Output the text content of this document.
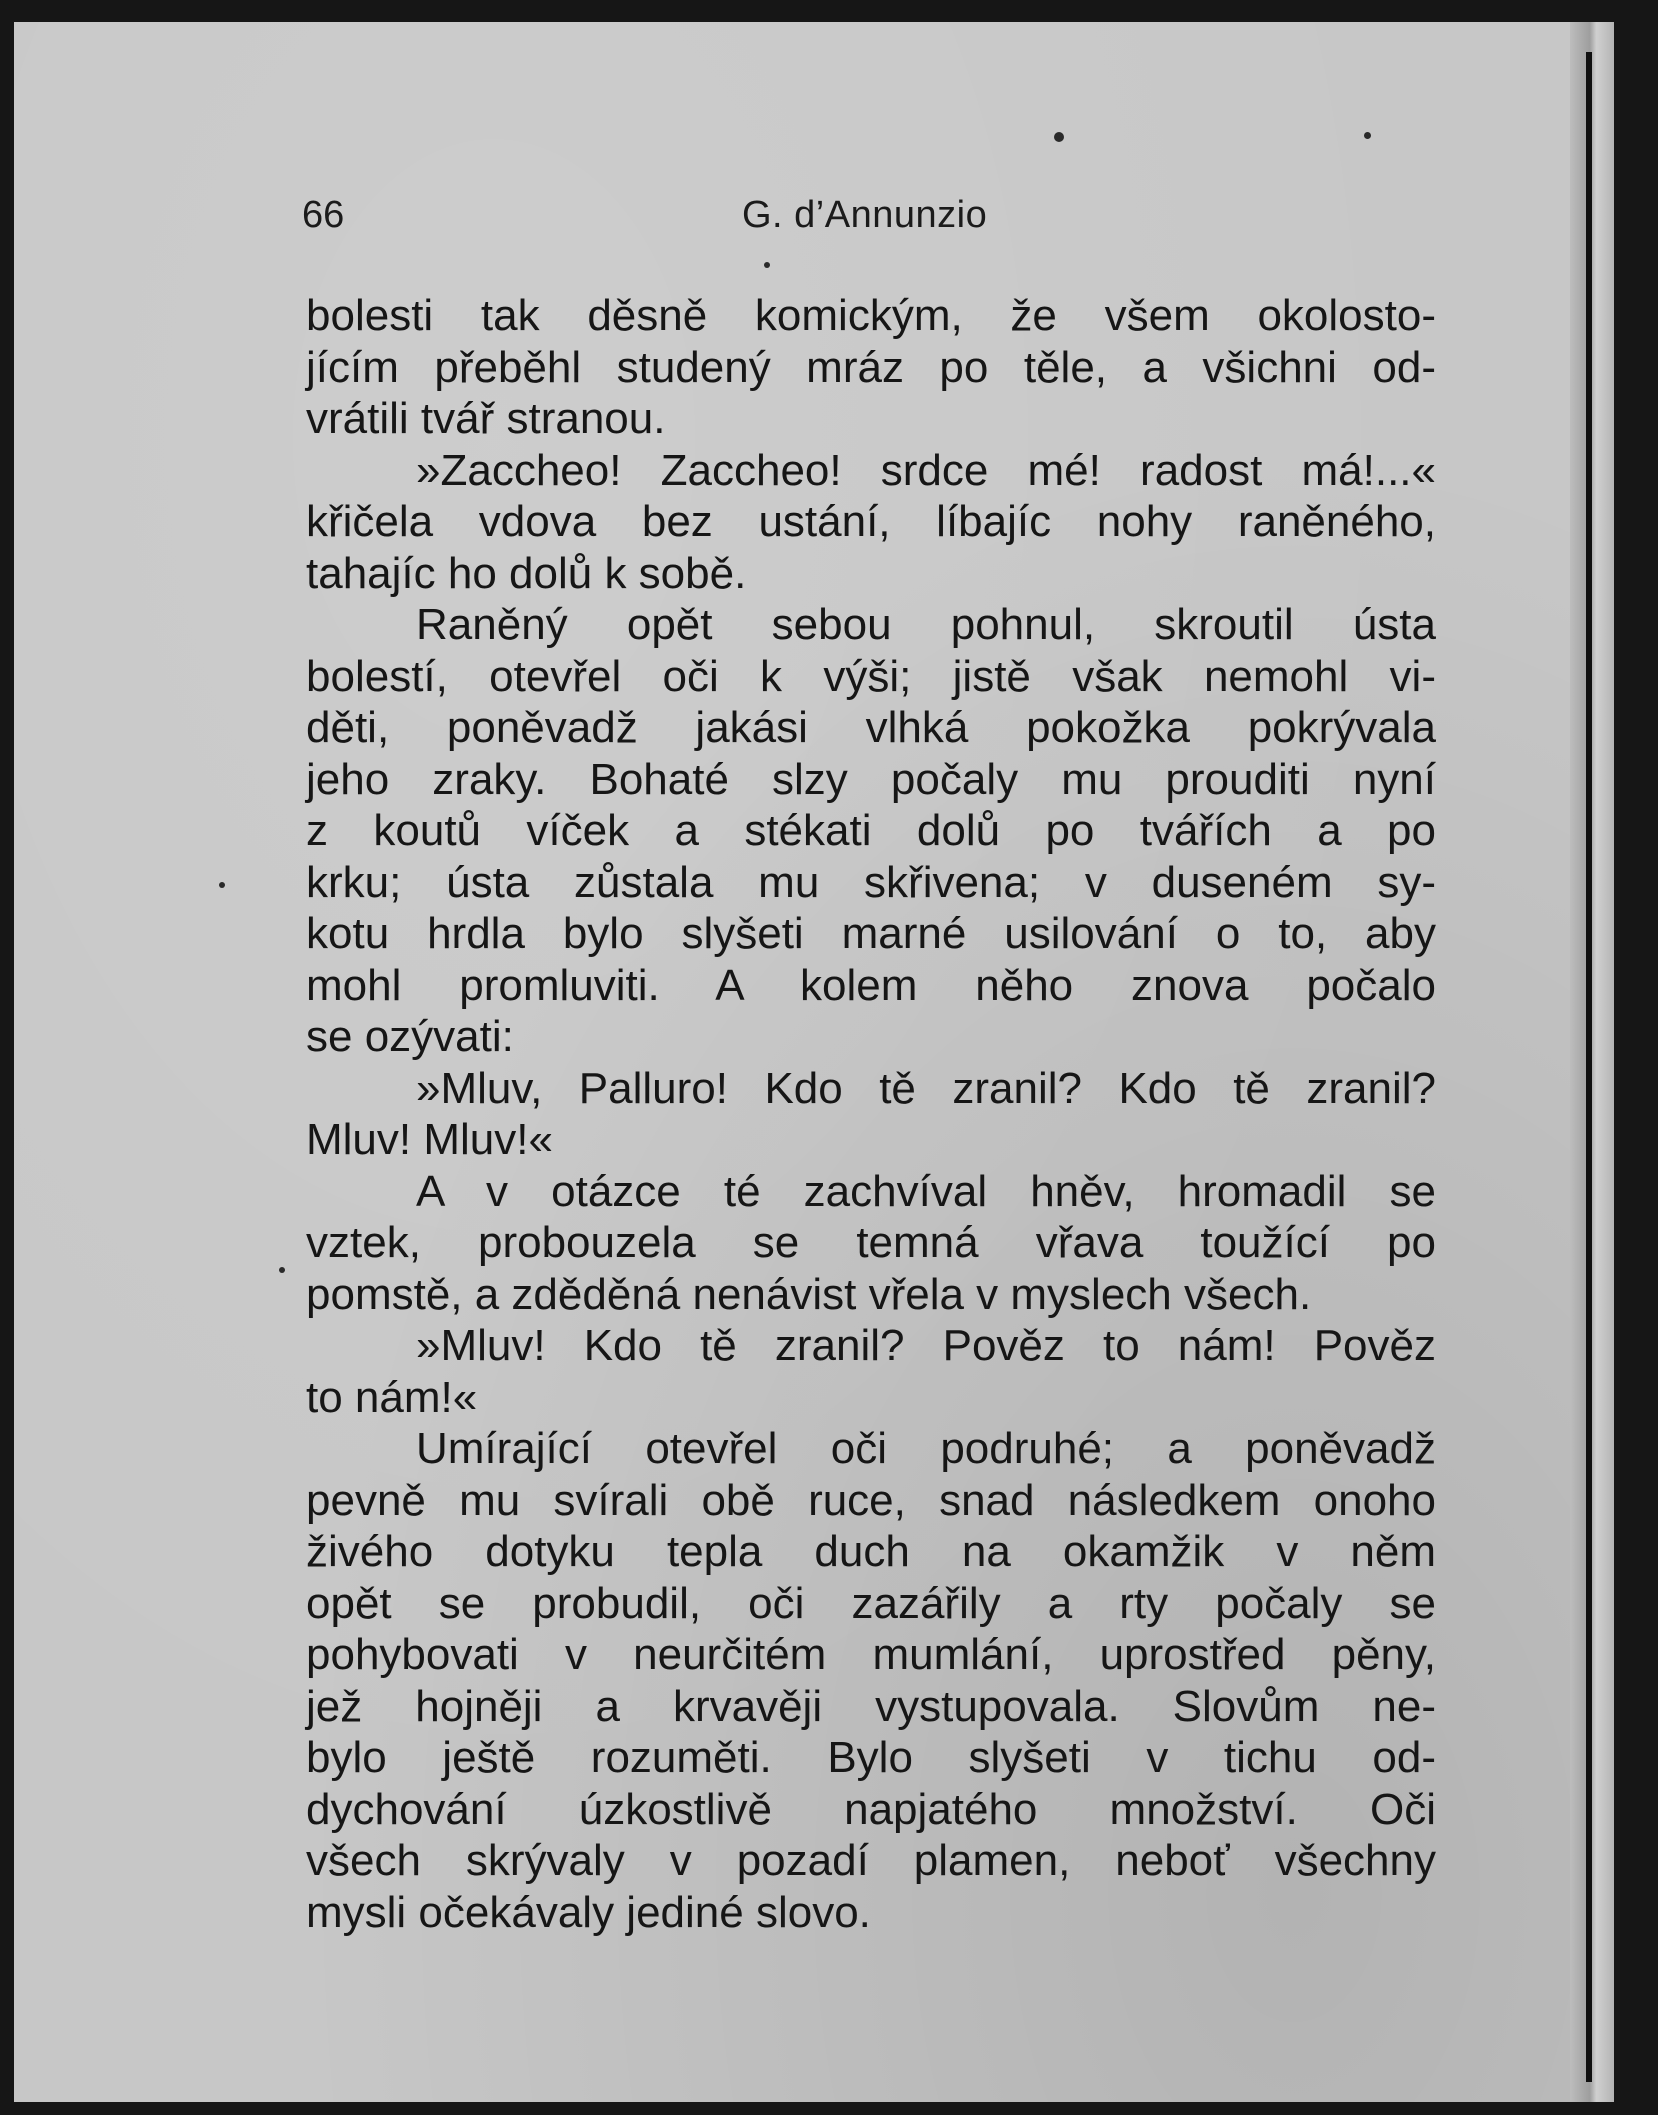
66	G. d’Annunzio
bolesti tak děsně komickým, že všem okolosto-
jícím přeběhl studený mráz po těle, a všichni od-
vrátili tvář stranou.
»Zaccheo! Zaccheo! srdce mé! radost má!...«
křičela vdova bez ustání, líbajíc nohy raněného,
tahajíc ho dolů k sobě.
Raněný opět sebou pohnul, skroutil ústa
bolestí, otevřel oči k výši; jistě však nemohl vi-
děti, poněvadž jakási vlhká pokožka pokrývala
jeho zraky. Bohaté slzy počaly mu prouditi nyní
z koutů víček a stékati dolů po tvářích a po
krku; ústa zůstala mu skřivena; v duseném sy-
kotu hrdla bylo slyšeti marné usilování o to, aby
mohl promluviti. A kolem něho znova počalo
se ozývati:
»Mluv, Palluro! Kdo tě zranil? Kdo tě zranil?
Mluv! Mluv!«
A v otázce té zachvíval hněv, hromadil se
vztek, probouzela se temná vřava toužící po
pomstě, a zděděná nenávist vřela v myslech všech.
»Mluv! Kdo tě zranil? Pověz to nám! Pověz
to nám!«
Umírající otevřel oči podruhé; a poněvadž
pevně mu svírali obě ruce, snad následkem onoho
živého dotyku tepla duch na okamžik v něm
opět se probudil, oči zazářily a rty počaly se
pohybovati v neurčitém mumlání, uprostřed pěny,
jež hojněji a krvavěji vystupovala. Slovům ne-
bylo ještě rozuměti. Bylo slyšeti v tichu od-
dychování úzkostlivě napjatého množství. Oči
všech skrývaly v pozadí plamen, neboť všechny
mysli očekávaly jediné slovo.
